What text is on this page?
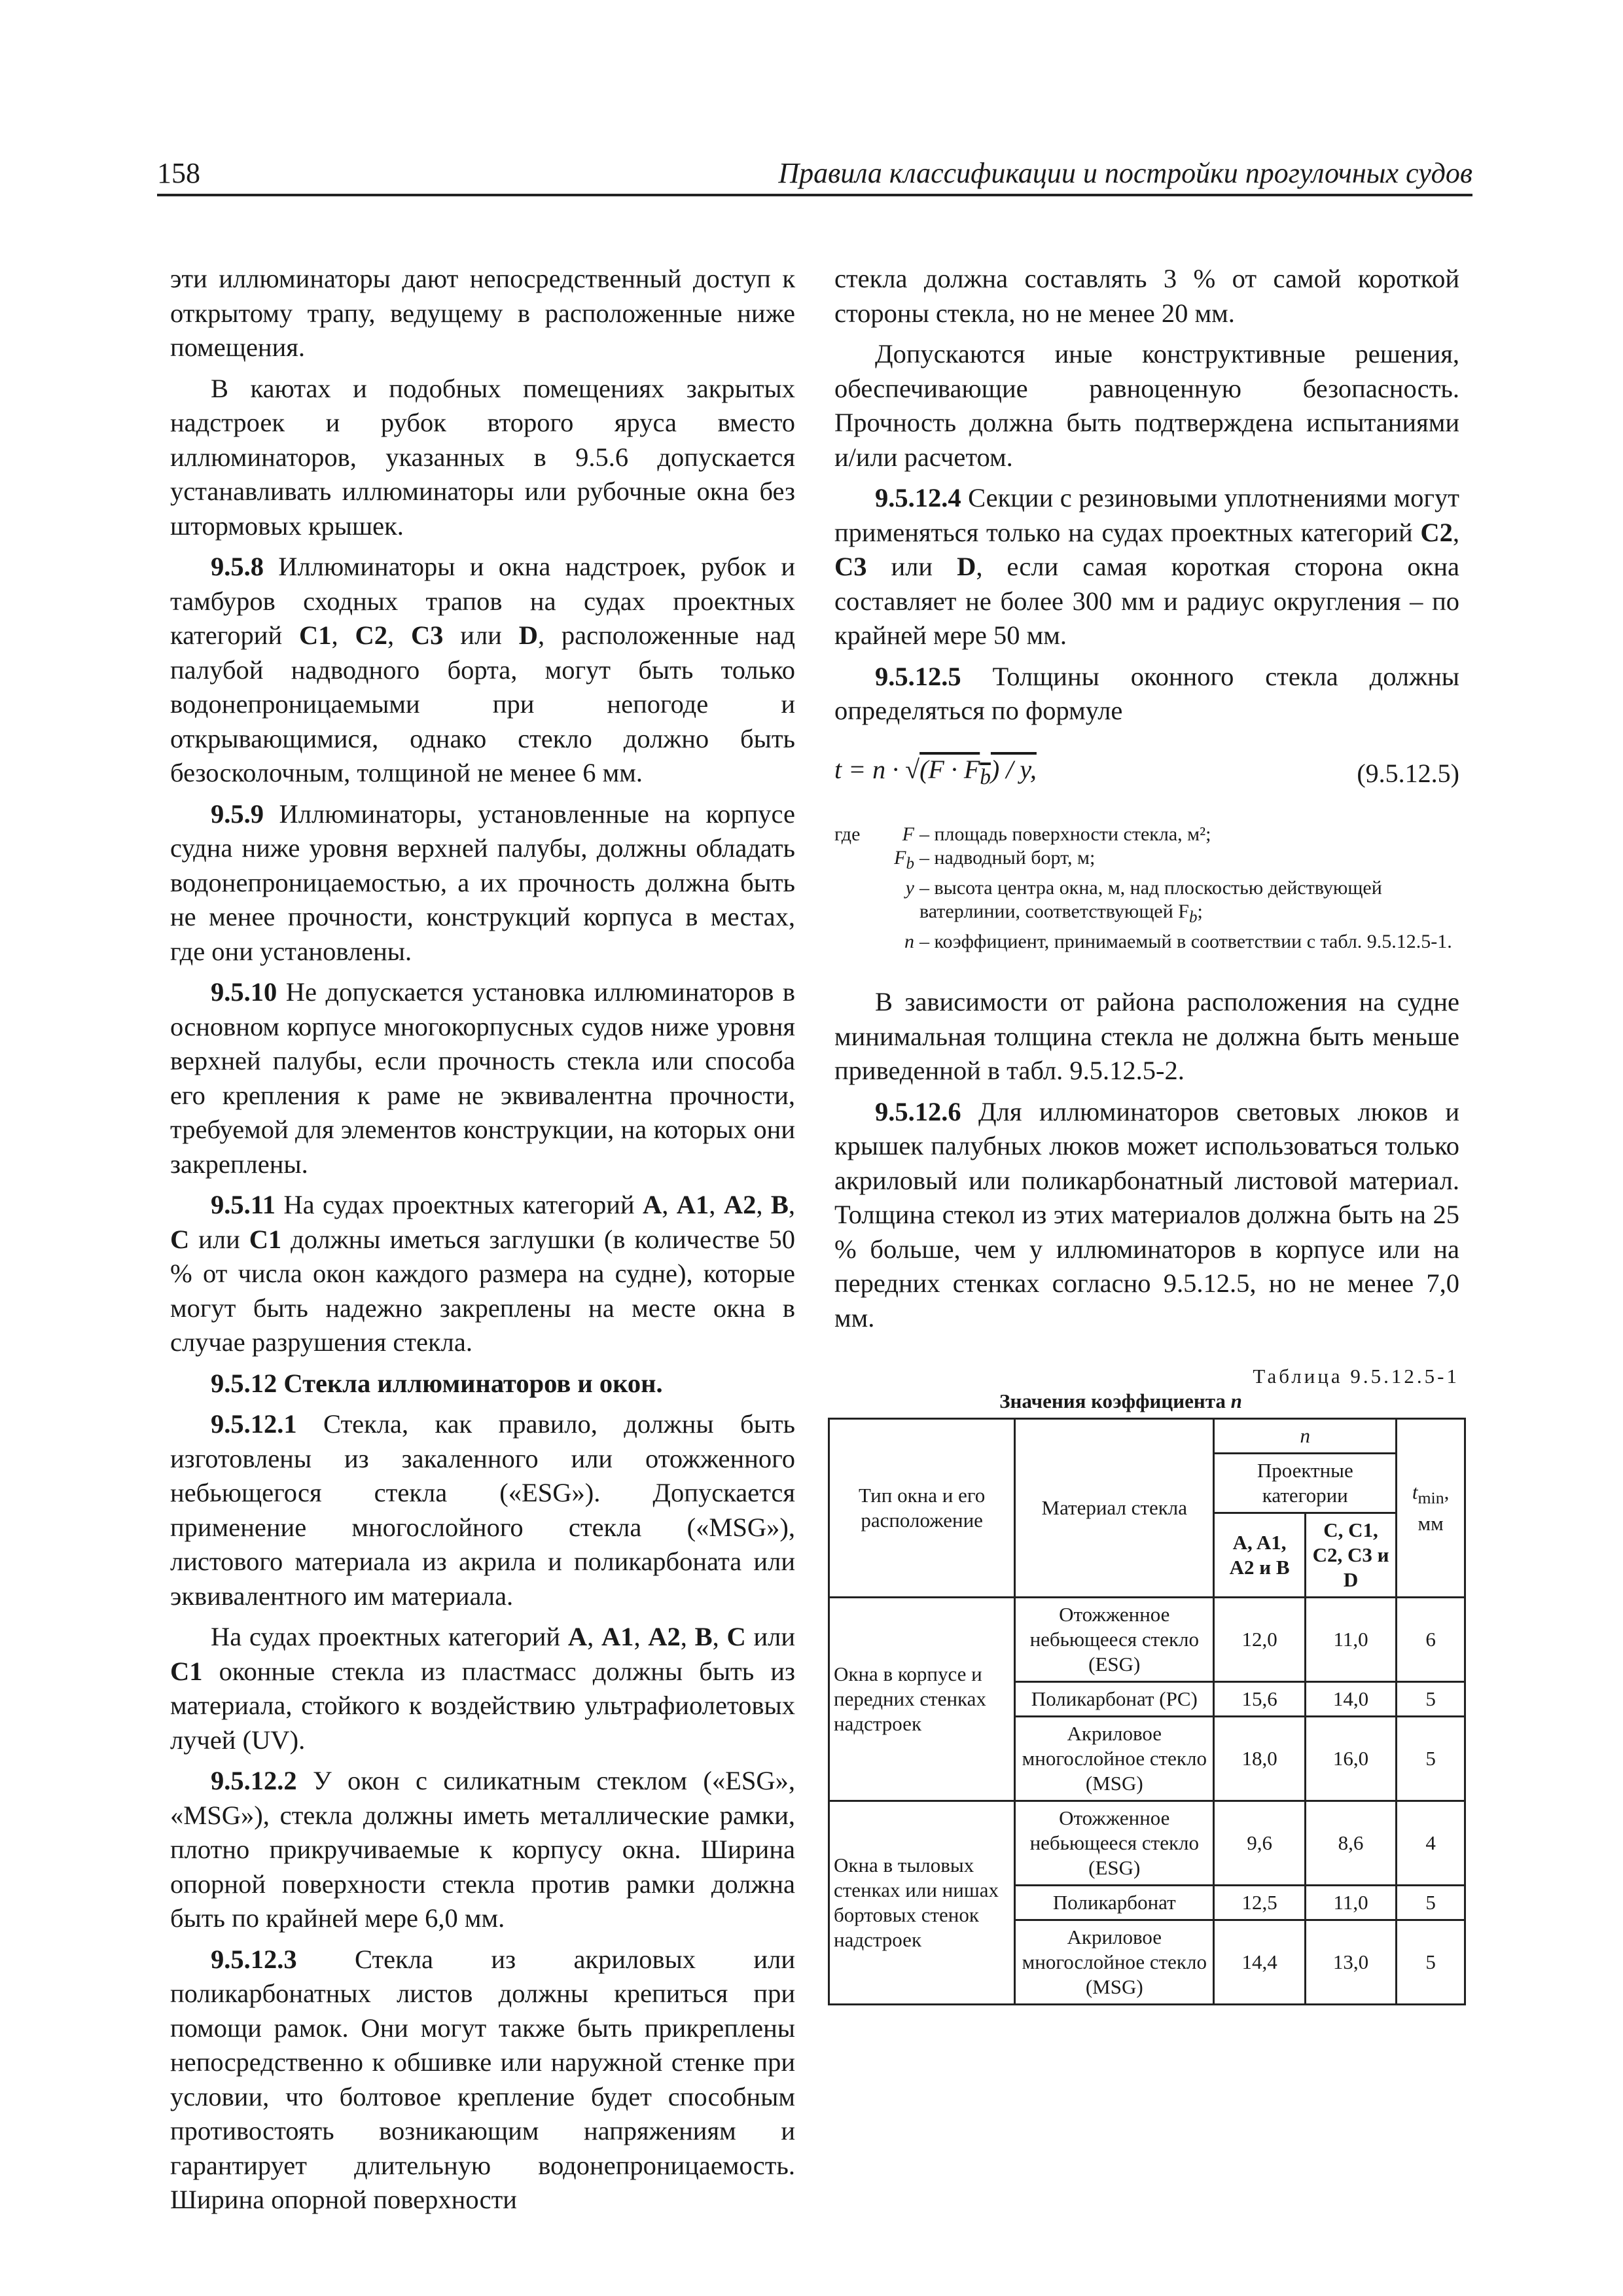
158	Правила классификации и постройки прогулочных судов

эти иллюминаторы дают непосредственный доступ к открытому трапу, ведущему в расположенные ниже помещения.

В каютах и подобных помещениях закрытых надстроек и рубок второго яруса вместо иллюминаторов, указанных в 9.5.6 допускается устанавливать иллюминаторы или рубочные окна без штормовых крышек.

9.5.8 Иллюминаторы и окна надстроек, рубок и тамбуров сходных трапов на судах проектных категорий C1, C2, C3 или D, расположенные над палубой надводного борта, могут быть только водонепроницаемыми при непогоде и открывающимися, однако стекло должно быть безосколочным, толщиной не менее 6 мм.

9.5.9 Иллюминаторы, установленные на корпусе судна ниже уровня верхней палубы, должны обладать водонепроницаемостью, а их прочность должна быть не менее прочности, конструкций корпуса в местах, где они установлены.

9.5.10 Не допускается установка иллюминаторов в основном корпусе многокорпусных судов ниже уровня верхней палубы, если прочность стекла или способа его крепления к раме не эквивалентна прочности, требуемой для элементов конструкции, на которых они закреплены.

9.5.11 На судах проектных категорий A, A1, A2, B, C или C1 должны иметься заглушки (в количестве 50 % от числа окон каждого размера на судне), которые могут быть надежно закреплены на месте окна в случае разрушения стекла.

9.5.12 Стекла иллюминаторов и окон.

9.5.12.1 Стекла, как правило, должны быть изготовлены из закаленного или отожженного небьющегося стекла («ESG»). Допускается применение многослойного стекла («MSG»), листового материала из акрила и поликарбоната или эквивалентного им материала.

На судах проектных категорий A, A1, A2, B, C или C1 оконные стекла из пластмасс должны быть из материала, стойкого к воздействию ультрафиолетовых лучей (UV).

9.5.12.2 У окон с силикатным стеклом («ESG», «MSG»), стекла должны иметь металлические рамки, плотно прикручиваемые к корпусу окна. Ширина опорной поверхности стекла против рамки должна быть по крайней мере 6,0 мм.

9.5.12.3 Стекла из акриловых или поликарбонатных листов должны крепиться при помощи рамок. Они могут также быть прикреплены непосредственно к обшивке или наружной стенке при условии, что болтовое крепление будет способным противостоять возникающим напряжениям и гарантирует длительную водонепроницаемость. Ширина опорной поверхности

стекла должна составлять 3 % от самой короткой стороны стекла, но не менее 20 мм.

Допускаются иные конструктивные решения, обеспечивающие равноценную безопасность. Прочность должна быть подтверждена испытаниями и/или расчетом.

9.5.12.4 Секции с резиновыми уплотнениями могут применяться только на судах проектных категорий C2, C3 или D, если самая короткая сторона окна составляет не более 300 мм и радиус округления – по крайней мере 50 мм.

9.5.12.5 Толщины оконного стекла должны определяться по формуле

$t = n \cdot √(F \cdot F_b) / y$,	(9.5.12.5)
где	F – площадь поверхности стекла, м²;
$F_b$ – надводный борт, м;
y – высота центра окна, м, над плоскостью действующей ватерлинии, соответствующей $F_b$;
n – коэффициент, принимаемый в соответствии с табл. 9.5.12.5-1.

В зависимости от района расположения на судне минимальная толщина стекла не должна быть меньше приведенной в табл. 9.5.12.5-2.

9.5.12.6 Для иллюминаторов световых люков и крышек палубных люков может использоваться только акриловый или поликарбонатный листовой материал. Толщина стекол из этих материалов должна быть на 25 % больше, чем у иллюминаторов в корпусе или на передних стенках согласно 9.5.12.5, но не менее 7,0 мм.

Таблица 9.5.12.5-1
Значения коэффициента n
Тип окна и его расположение	Материал стекла	n		$t_{min}$, мм
		Проектные категории		
		A, A1, A2 и B	C, C1, C2, C3 и D	
Окна в корпусе и передних стенках надстроек	Отожженное небьющееся стекло (ESG)	12,0	11,0	6
	Поликарбонат (PC)	15,6	14,0	5
	Акриловое многослойное стекло (MSG)	18,0	16,0	5
Окна в тыловых стенках или нишах бортовых стенок надстроек	Отожженное небьющееся стекло (ESG)	9,6	8,6	4
	Поликарбонат	12,5	11,0	5
	Акриловое многослойное стекло (MSG)	14,4	13,0	5
